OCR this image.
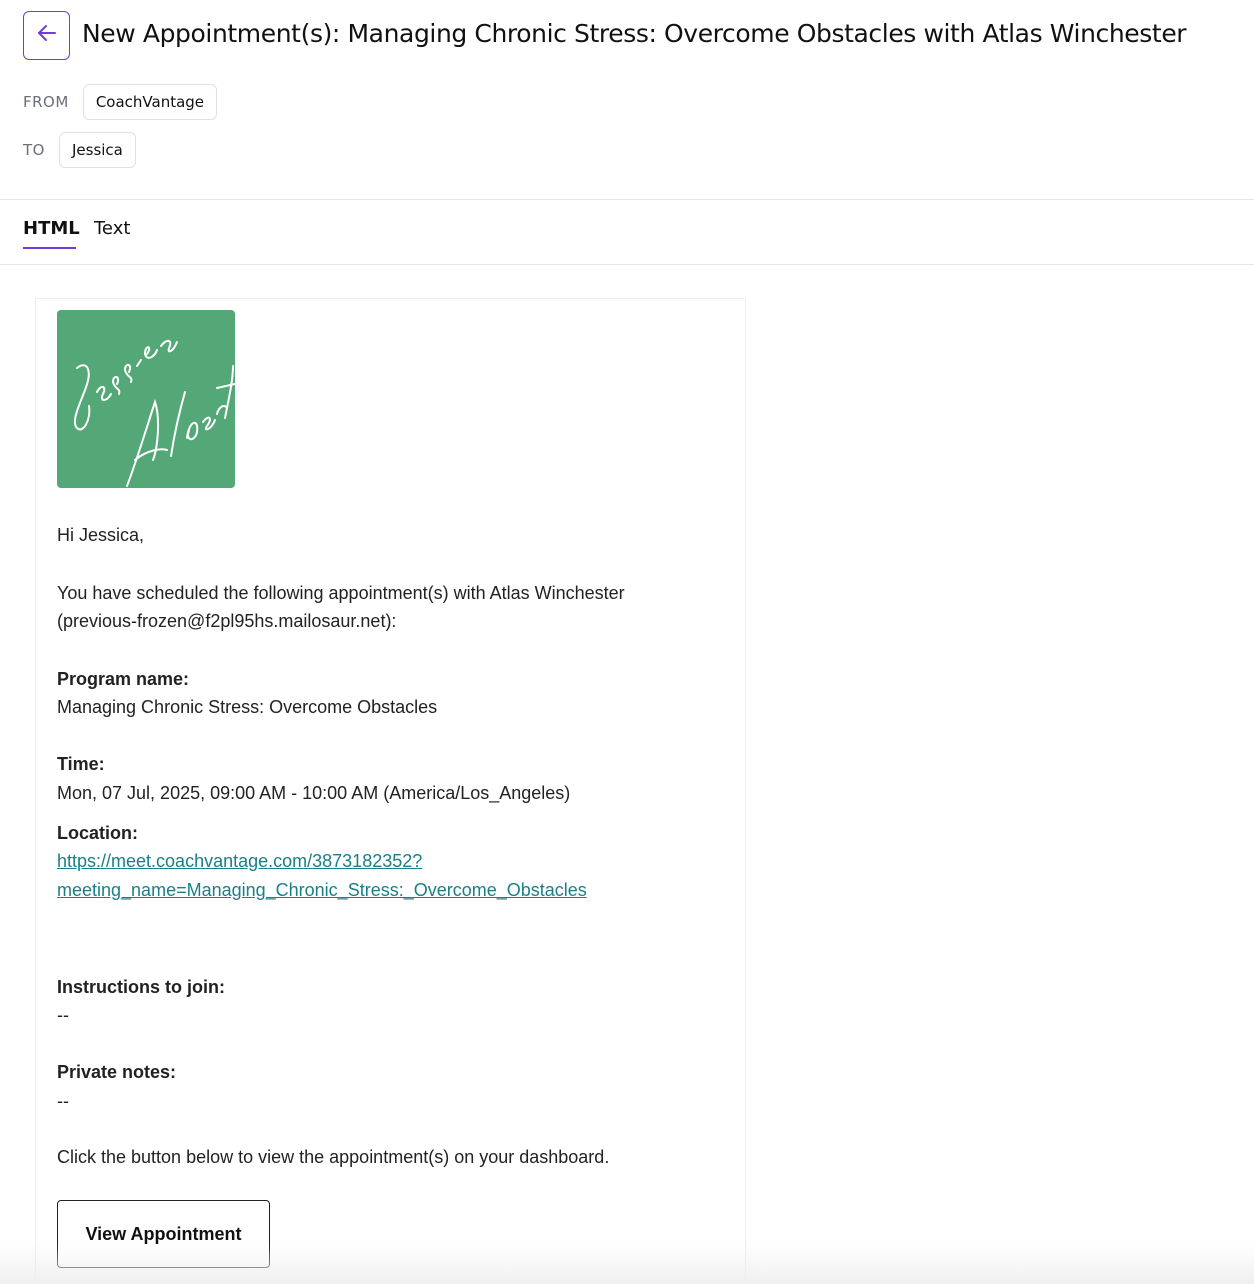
New Appointment(s): Managing Chronic Stress: Overcome Obstacles with Atlas Winchester
FROM	CoachVantage
TO	Jessica
HTML Text
Hi Jessica,
You have scheduled the following appointment(s) with Atlas Winchester
(previous-frozen@f2pl95hs.mailosaur.net):
Program name:
Managing Chronic Stress: Overcome Obstacles
Time:
Mon, 07 Jul, 2025, 09:00 AM - 10:00 AM (America/Los_Angeles)
Location:
https://meet.coachvantage.com/3873182352?
meeting_name=Managing_Chronic_Stress:_Overcome_Obstacles
Instructions to join:
--
Private notes:
--
Click the button below to view the appointment(s) on your dashboard.
View Appointment
